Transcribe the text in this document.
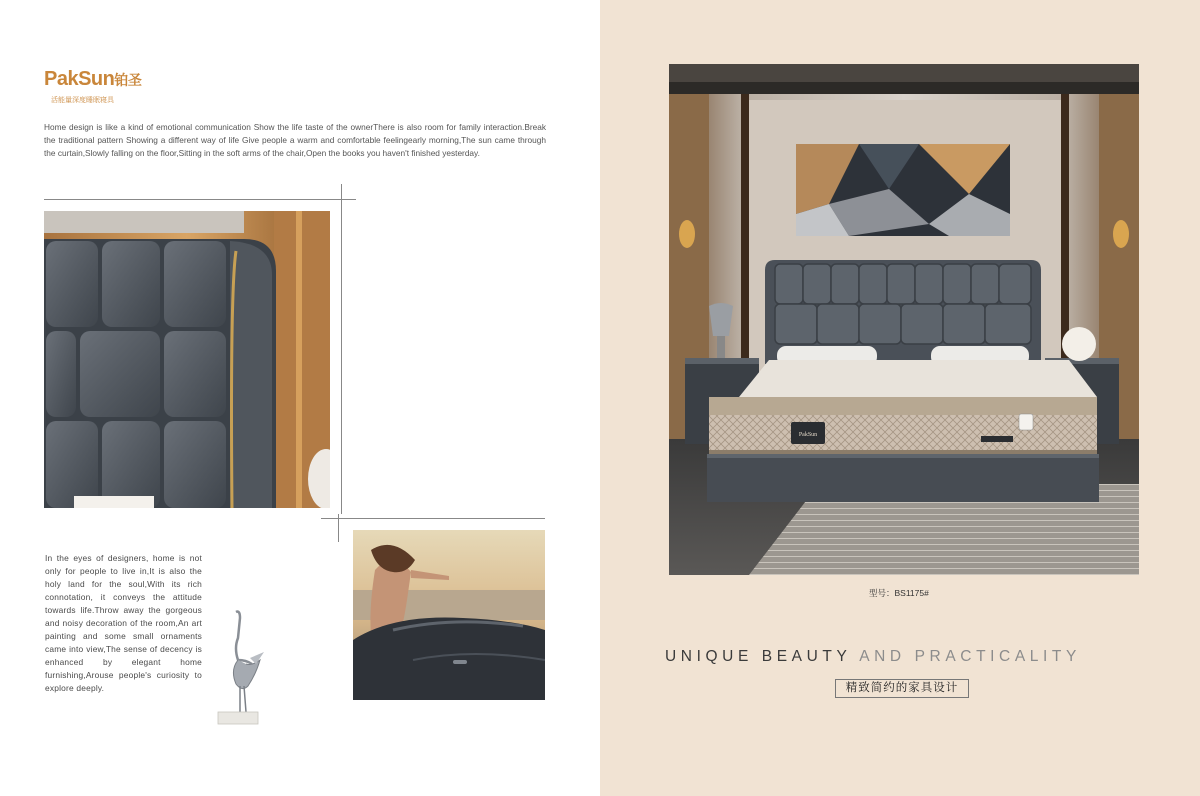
PakSun铂圣
活能量深度睡眠寝具

Home design is like a kind of emotional communication Show the life taste of the ownerThere is also room for family interaction.Break the traditional pattern Showing a different way of life Give people a warm and comfortable feelingearly morning,The sun came through the curtain,Slowly falling on the floor,Sitting in the soft arms of the chair,Open the books you haven't finished yesterday.

In the eyes of designers, home is not only for people to live in,It is also the holy land for the soul,With its rich connotation, it conveys the attitude towards life.Throw away the gorgeous and noisy decoration of the room,An art painting and some small ornaments came into view,The sense of decency is enhanced by elegant home furnishing,Arouse people's curiosity to explore deeply.

PakSun
型号：BS1175#
UNIQUE BEAUTY AND PRACTICALITY
精致简约的家具设计
